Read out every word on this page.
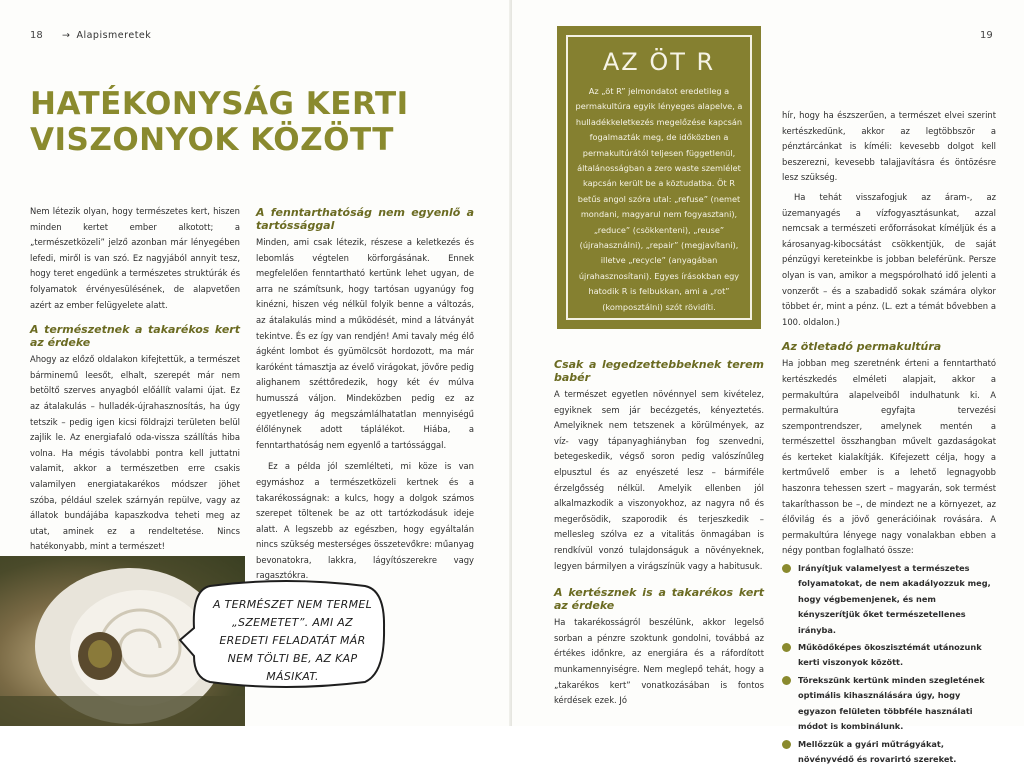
18 → Alapismeretek
HATÉKONYSÁG KERTI VISZONYOK KÖZÖTT

Nem létezik olyan, hogy természetes kert, hiszen minden kertet ember alkotott; a „természetközeli” jelző azonban már lényegében lefedi, miről is van szó. Ez nagyjából annyit tesz, hogy teret engedünk a természetes struktúrák és folyamatok érvényesülésének, de alapvetően azért az ember felügyelete alatt.

A természetnek a takarékos kert az érdeke

Ahogy az előző oldalakon kifejtettük, a természet bárminemű leesőt, elhalt, szerepét már nem betöltő szerves anyagból előállít valami újat. Ez az átalakulás – hulladék-újrahasznosítás, ha úgy tetszik – pedig igen kicsi földrajzi területen belül zajlik le. Az energiafaló oda-vissza szállítás hiba volna. Ha mégis távolabbi pontra kell juttatni valamit, akkor a természetben erre csakis valamilyen energiatakarékos módszer jöhet szóba, például szelek szárnyán repülve, vagy az állatok bundájába kapaszkodva teheti meg az utat, aminek ez a rendeltetése. Nincs hatékonyabb, mint a természet!

A fenntarthatóság nem egyenlő a tartóssággal

Minden, ami csak létezik, részese a keletkezés és lebomlás végtelen körforgásának. Ennek megfelelően fenntartható kertünk lehet ugyan, de arra ne számítsunk, hogy tartósan ugyanúgy fog kinézni, hiszen vég nélkül folyik benne a változás, az átalakulás mind a működését, mind a látványát tekintve. És ez így van rendjén! Ami tavaly még élő ágként lombot és gyümölcsöt hordozott, ma már karóként támasztja az évelő virágokat, jövőre pedig alighanem széttőredezik, hogy két év múlva humusszá váljon. Mindeközben pedig ez az egyetlenegy ág megszámlálhatatlan mennyiségű élőlénynek adott táplálékot. Hiába, a fenntarthatóság nem egyenlő a tartóssággal.

Ez a példa jól szemlélteti, mi köze is van egymáshoz a természetközeli kertnek és a takarékosságnak: a kulcs, hogy a dolgok számos szerepet töltenek be az ott tartózkodásuk ideje alatt. A legszebb az egészben, hogy egyáltalán nincs szükség mesterséges összetevőkre: műanyag bevonatokra, lakkra, lágyítószerekre vagy ragasztókra.

A TERMÉSZET NEM TERMEL „SZEMETET”. AMI AZ EREDETI FELADATÁT MÁR NEM TÖLTI BE, AZ KAP MÁSIKAT.
19
Csak a legedzettebbeknek terem babér

A természet egyetlen növénnyel sem kivételez, egyiknek sem jár becézgetés, kényeztetés. Amelyiknek nem tetszenek a körülmények, az víz- vagy tápanyaghiányban fog szenvedni, betegeskedik, végső soron pedig valószínűleg elpusztul és az enyészeté lesz – bármiféle érzelgősség nélkül. Amelyik ellenben jól alkalmazkodik a viszonyokhoz, az nagyra nő és megerősödik, szaporodik és terjeszkedik – mellesleg szólva ez a vitalitás önmagában is rendkívül vonzó tulajdonságuk a növényeknek, legyen bármilyen a virágszínük vagy a habitusuk.

A kertésznek is a takarékos kert az érdeke

Ha takarékosságról beszélünk, akkor legelső sorban a pénzre szoktunk gondolni, továbbá az értékes időnkre, az energiára és a ráfordított munkamennyiségre. Nem meglepő tehát, hogy a „takarékos kert” vonatkozásában is fontos kérdések ezek. Jó

hír, hogy ha észszerűen, a természet elvei szerint kertészkedünk, akkor az legtöbbször a pénztárcánkat is kíméli: kevesebb dolgot kell beszerezni, kevesebb talajjavításra és öntözésre lesz szükség.

Ha tehát visszafogjuk az áram-, az üzemanyagés a vízfogyasztásunkat, azzal nemcsak a természeti erőforrásokat kíméljük és a károsanyag-kibocsátást csökkentjük, de saját pénzügyi kereteinkbe is jobban beleférünk. Persze olyan is van, amikor a megspórolható idő jelenti a vonzerőt – és a szabadidő sokak számára olykor többet ér, mint a pénz. (L. ezt a témát bővebben a 100. oldalon.)

Az ötletadó permakultúra

Ha jobban meg szeretnénk érteni a fenntartható kertészkedés elméleti alapjait, akkor a permakultúra alapelveiből indulhatunk ki. A permakultúra egyfajta tervezési szempontrendszer, amelynek mentén a természettel összhangban művelt gazdaságokat és kerteket kialakítják. Kifejezett célja, hogy a kertművelő ember is a lehető legnagyobb haszonra tehessen szert – magyarán, sok termést takaríthasson be –, de mindezt ne a környezet, az élővilág és a jövő generációinak rovására. A permakultúra lényege nagy vonalakban ebben a négy pontban foglalható össze:

Irányítjuk valamelyest a természetes folyamatokat, de nem akadályozzuk meg, hogy végbemenjenek, és nem kényszerítjük őket természetellenes irányba.
Működőképes ökoszisztémát utánozunk kerti viszonyok között.
Törekszünk kertünk minden szegletének optimális kihasználására úgy, hogy egyazon felületen többféle használati módot is kombinálunk.
Mellőzzük a gyári műtrágyákat, növényvédő és rovarirtó szereket.
AZ ÖT R
Az „öt R” jelmondatot eredetileg a permakultúra egyik lényeges alapelve, a hulladékkeletkezés megelőzése kapcsán fogalmazták meg, de időközben a permakultúrától teljesen függetlenül, általánosságban a zero waste szemlélet kapcsán került be a köztudatba. Öt R betűs angol szóra utal: „refuse” (nemet mondani, magyarul nem fogyasztani), „reduce” (csökkenteni), „reuse” (újrahasználni), „repair” (megjavítani), illetve „recycle” (anyagában újrahasznosítani). Egyes írásokban egy hatodik R is felbukkan, ami a „rot” (komposztálni) szót rövidíti.
